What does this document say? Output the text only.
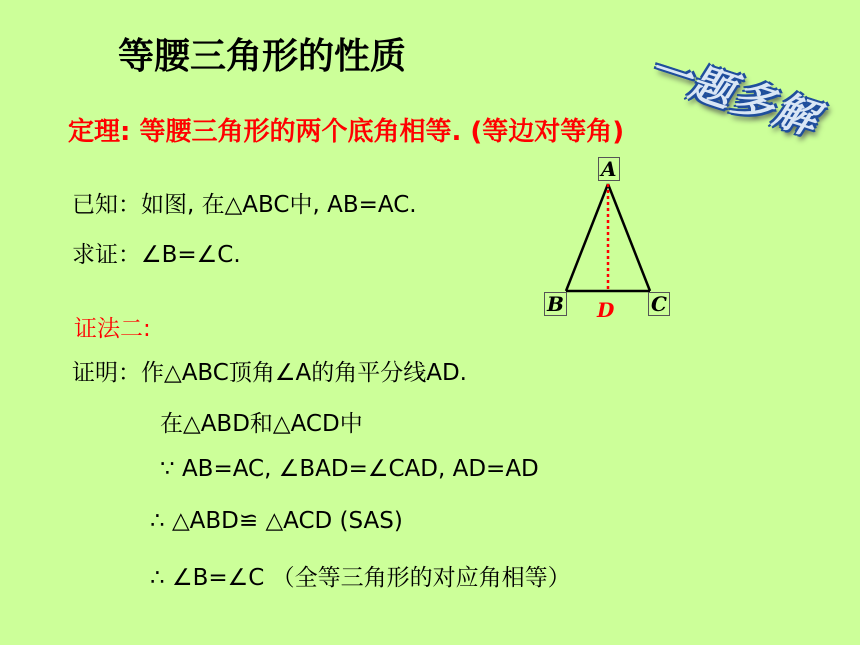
等腰三角形的性质	一题多解
定理: 等腰三角形的两个底角相等. (等边对等角)
已知：如图, 在△ABC中, AB=AC.
求证：∠B=∠C.
证法二:
证明：作△ABC顶角∠A的角平分线AD.
在△ABD和△ACD中
∵ AB=AC, ∠BAD=∠CAD, AD=AD
∴ △ABD≌ △ACD (SAS)
∴ ∠B=∠C （全等三角形的对应角相等）
A
B	C
D
